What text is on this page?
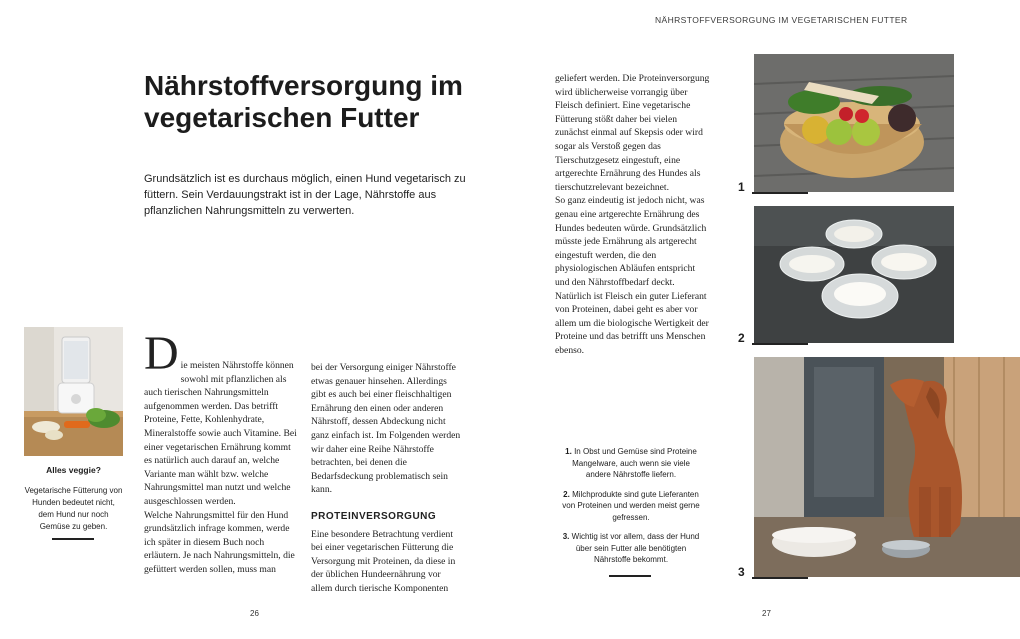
NÄHRSTOFFVERSORGUNG IM VEGETARISCHEN FUTTER
Nährstoffversorgung im
vegetarischen Futter

Grundsätzlich ist es durchaus möglich, einen Hund vegetarisch zu füttern. Sein Verdauungstrakt ist in der Lage, Nährstoffe aus pflanzlichen Nahrungsmitteln zu verwerten.

Alles veggie?

Vegetarische Fütterung von Hunden bedeutet nicht, dem Hund nur noch Gemüse zu geben.

D ie meisten Nährstoffe können sowohl mit pflanzlichen als auch tierischen Nahrungsmitteln aufgenommen werden. Das betrifft Proteine, Fette, Kohlenhydrate, Mineralstoffe sowie auch Vitamine. Bei einer vegetarischen Ernährung kommt es natürlich auch darauf an, welche Variante man wählt bzw. welche Nahrungsmittel man nutzt und welche ausgeschlossen werden.

Welche Nahrungsmittel für den Hund grundsätzlich infrage kommen, werde ich später in diesem Buch noch erläutern. Je nach Nahrungsmitteln, die gefüttert werden sollen, muss man

bei der Versorgung einiger Nährstoffe etwas genauer hinsehen. Allerdings gibt es auch bei einer fleischhaltigen Ernährung den einen oder anderen Nährstoff, dessen Abdeckung nicht ganz einfach ist. Im Folgenden werden wir daher eine Reihe Nährstoffe betrachten, bei denen die Bedarfsdeckung problematisch sein kann.

PROTEINVERSORGUNG

Eine besondere Betrachtung verdient bei einer vegetarischen Fütterung die Versorgung mit Proteinen, da diese in der üblichen Hundeernährung vor allem durch tierische Komponenten

geliefert werden. Die Proteinversorgung wird üblicherweise vorrangig über Fleisch definiert. Eine vegetarische Fütterung stößt daher bei vielen zunächst einmal auf Skepsis oder wird sogar als Verstoß gegen das Tierschutzgesetz eingestuft, eine artgerechte Ernährung des Hundes als tierschutzrelevant bezeichnet.

So ganz eindeutig ist jedoch nicht, was genau eine artgerechte Ernährung des Hundes bedeuten würde. Grundsätzlich müsste jede Ernährung als artgerecht eingestuft werden, die den physiologischen Abläufen entspricht und den Nährstoffbedarf deckt. Natürlich ist Fleisch ein guter Lieferant von Proteinen, dabei geht es aber vor allem um die biologische Wertigkeit der Proteine und das betrifft uns Menschen ebenso.

1. In Obst und Gemüse sind Proteine Mangelware, auch wenn sie viele andere Nährstoffe liefern.
2. Milchprodukte sind gute Lieferanten von Proteinen und werden meist gerne gefressen.
3. Wichtig ist vor allem, dass der Hund über sein Futter alle benötigten Nährstoffe bekommt.
1
2
3
26	27
